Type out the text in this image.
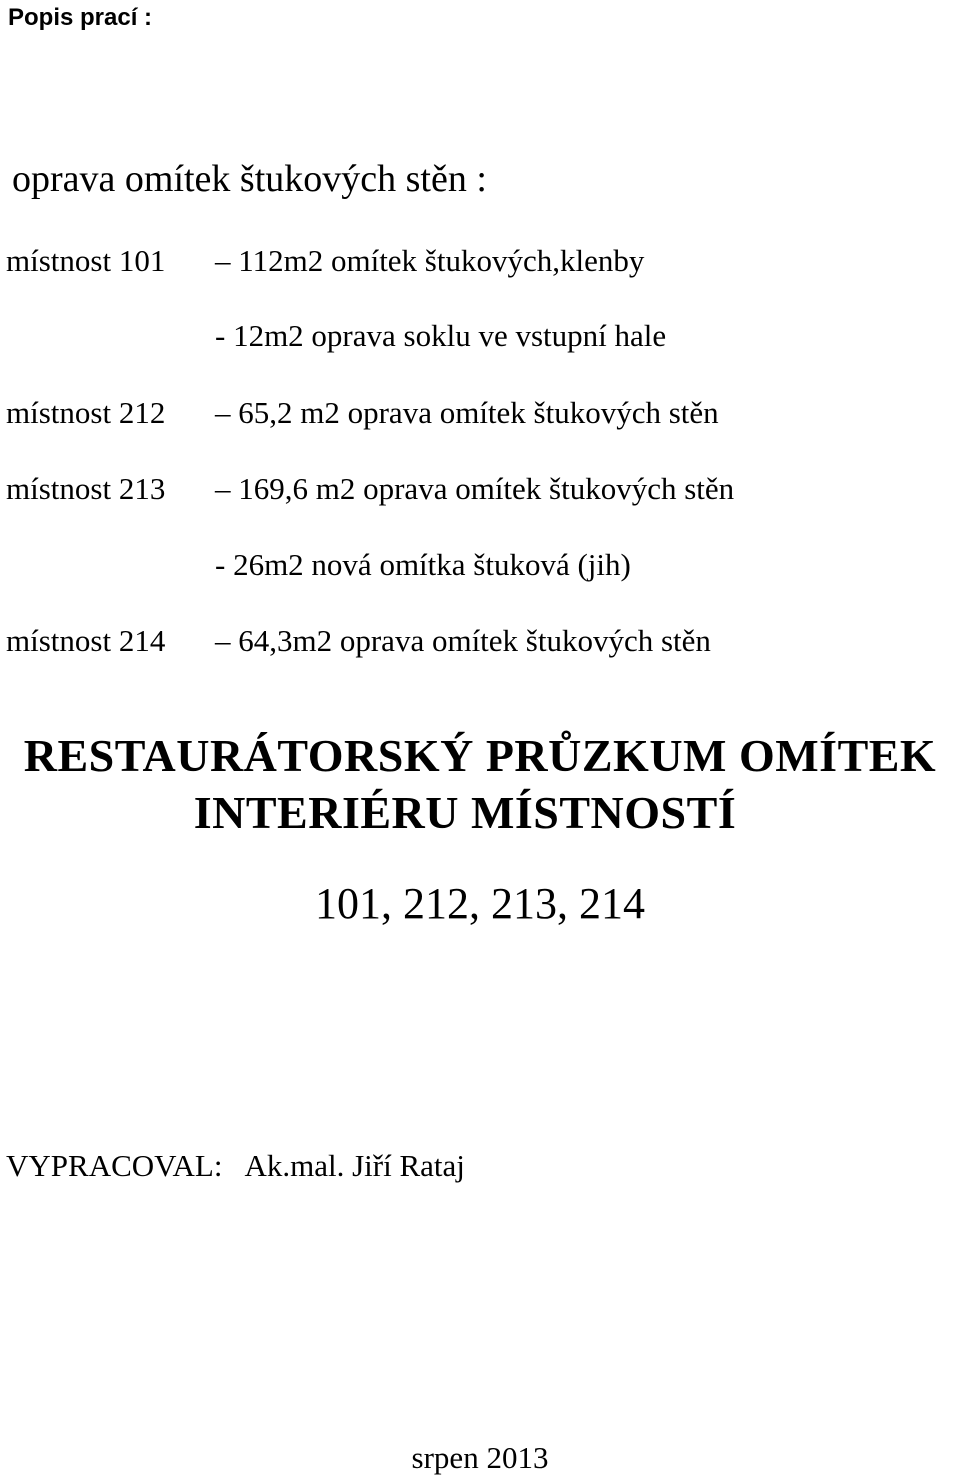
Popis prací :
oprava omítek štukových stěn :
místnost 101 – 112m2 omítek štukových,klenby
- 12m2 oprava soklu ve vstupní hale
místnost 212 – 65,2 m2 oprava omítek štukových stěn
místnost 213 – 169,6 m2 oprava omítek štukových stěn
- 26m2 nová omítka štuková (jih)
místnost 214 – 64,3m2 oprava omítek štukových stěn
RESTAURÁTORSKÝ PRŮZKUM OMÍTEK
INTERIÉRU MÍSTNOSTÍ
101, 212, 213, 214
VYPRACOVAL: Ak.mal. Jiří Rataj
srpen 2013
